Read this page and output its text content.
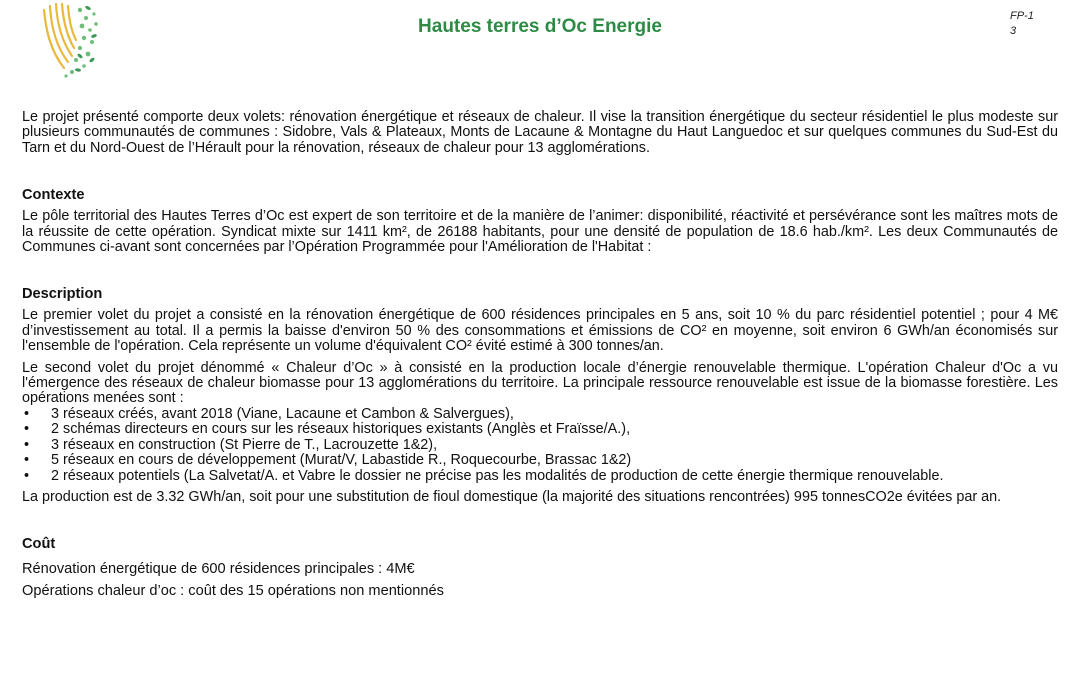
Hautes terres d’Oc Energie	FP-1
3

Le projet présenté comporte deux volets: rénovation énergétique et réseaux de chaleur. Il vise la transition énergétique du secteur résidentiel le plus modeste sur plusieurs communautés de communes : Sidobre, Vals & Plateaux, Monts de Lacaune & Montagne du Haut Languedoc et sur quelques communes du Sud-Est du Tarn et du Nord-Ouest de l’Hérault pour la rénovation, réseaux de chaleur pour 13 agglomérations.

Contexte

Le pôle territorial des Hautes Terres d’Oc est expert de son territoire et de la manière de l’animer: disponibilité, réactivité et persévérance sont les maîtres mots de la réussite de cette opération. Syndicat mixte sur 1411 km², de 26188 habitants, pour une densité de population de 18.6 hab./km². Les deux Communautés de Communes ci-avant sont concernées par l’Opération Programmée pour l'Amélioration de l'Habitat :

Description

Le premier volet du projet a consisté en la rénovation énergétique de 600 résidences principales en 5 ans, soit 10 % du parc résidentiel potentiel ; pour 4 M€ d’investissement au total. Il a permis la baisse d'environ 50 % des consommations et émissions de CO² en moyenne, soit environ 6 GWh/an économisés sur l'ensemble de l'opération. Cela représente un volume d'équivalent CO² évité estimé à 300 tonnes/an.

Le second volet du projet dénommé « Chaleur d’Oc » à consisté en la production locale d’énergie renouvelable thermique. L'opération Chaleur d'Oc a vu l'émergence des réseaux de chaleur biomasse pour 13 agglomérations du territoire. La principale ressource renouvelable est issue de la biomasse forestière. Les opérations menées sont :

• 3 réseaux créés, avant 2018 (Viane, Lacaune et Cambon & Salvergues),
• 2 schémas directeurs en cours sur les réseaux historiques existants (Anglès et Fraïsse/A.),
• 3 réseaux en construction (St Pierre de T., Lacrouzette 1&2),
• 5 réseaux en cours de développement (Murat/V, Labastide R., Roquecourbe, Brassac 1&2)
• 2 réseaux potentiels (La Salvetat/A. et Vabre le dossier ne précise pas les modalités de production de cette énergie thermique renouvelable.

La production est de 3.32 GWh/an, soit pour une substitution de fioul domestique (la majorité des situations rencontrées) 995 tonnesCO2e évitées par an.

Coût

Rénovation énergétique de 600 résidences principales : 4M€

Opérations chaleur d’oc : coût des 15 opérations non mentionnés
